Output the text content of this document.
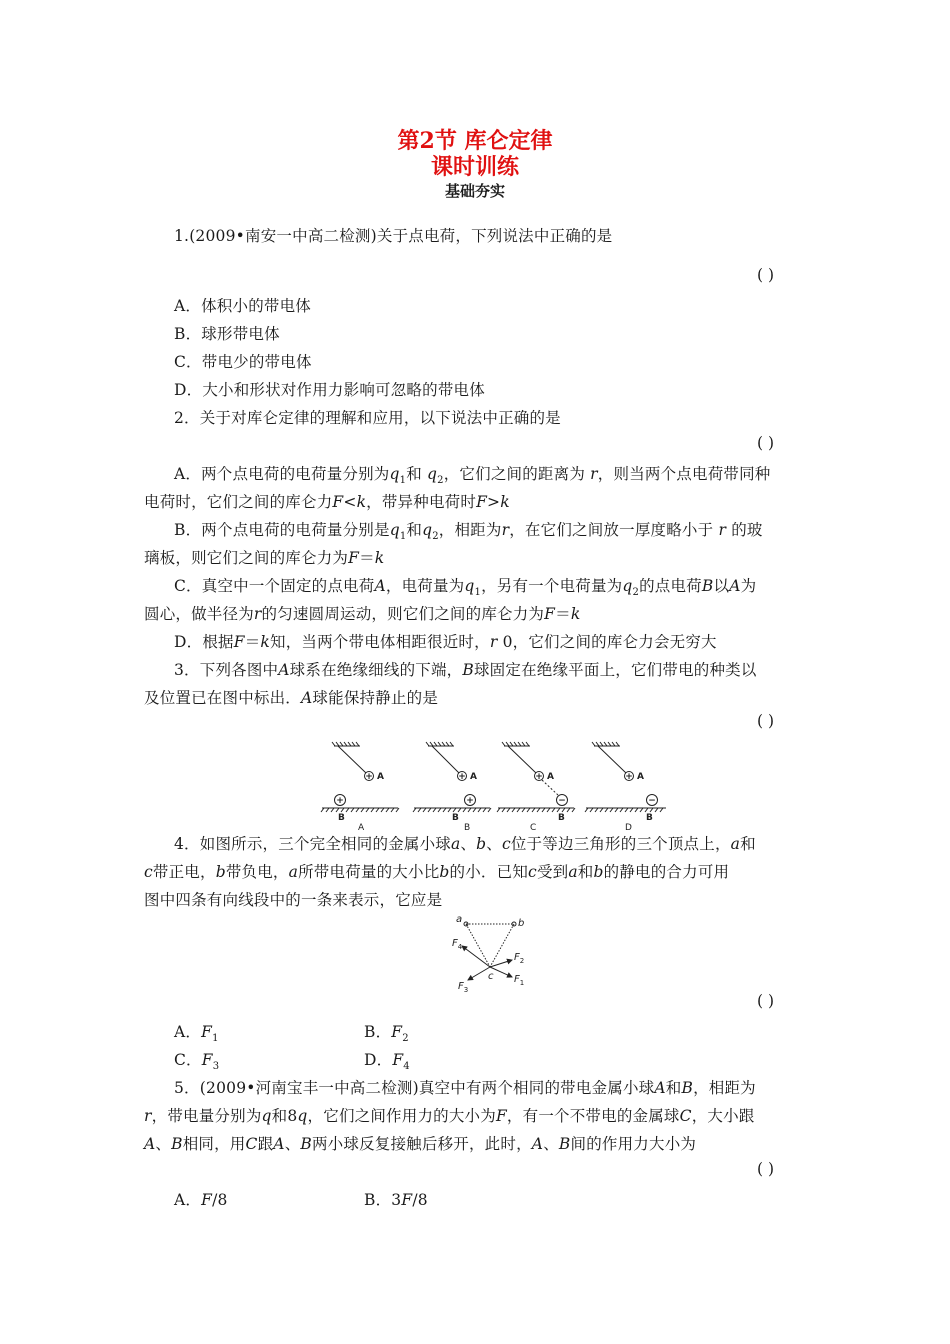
第2节 库仑定律
课时训练
基础夯实
1.(2009•南安一中高二检测)关于点电荷，下列说法中正确的是
( )
A．体积小的带电体
B．球形带电体
C．带电少的带电体
D．大小和形状对作用力影响可忽略的带电体
2．关于对库仑定律的理解和应用，以下说法中正确的是
( )
A．两个点电荷的电荷量分别为$q_1$和 $q_2$，它们之间的距离为 r，则当两个点电荷带同种
电荷时，它们之间的库仑力F<k，带异种电荷时F>k
B．两个点电荷的电荷量分别是$q_1$和$q_2$，相距为r，在它们之间放一厚度略小于 r 的玻
璃板，则它们之间的库仑力为F＝k
C．真空中一个固定的点电荷A，电荷量为$q_1$，另有一个电荷量为$q_2$的点电荷B以A为
圆心，做半径为r的匀速圆周运动，则它们之间的库仑力为F＝k
D．根据F＝k知，当两个带电体相距很近时，r 0，它们之间的库仑力会无穷大
3．下列各图中A球系在绝缘细线的下端，B球固定在绝缘平面上，它们带电的种类以
及位置已在图中标出．A球能保持静止的是
( )
+ A
+
B
+ A
+
B
+ A
−
B
+ A
−
B
A	B	C	D
4．如图所示，三个完全相同的金属小球a、b、c位于等边三角形的三个顶点上，a和
c带正电，b带负电，a所带电荷量的大小比b的小．已知c受到a和b的静电的合力可用
图中四条有向线段中的一条来表示，它应是
a	b
c
$F_4$
$F_2$
$F_1$
$F_3$
( )
A．$F_1$	B．$F_2$
C．$F_3$	D．$F_4$
5．(2009•河南宝丰一中高二检测)真空中有两个相同的带电金属小球A和B，相距为
r，带电量分别为q和8q，它们之间作用力的大小为F，有一个不带电的金属球C，大小跟
A、B相同，用C跟A、B两小球反复接触后移开，此时，A、B间的作用力大小为
( )
A．F/8	B．3F/8
